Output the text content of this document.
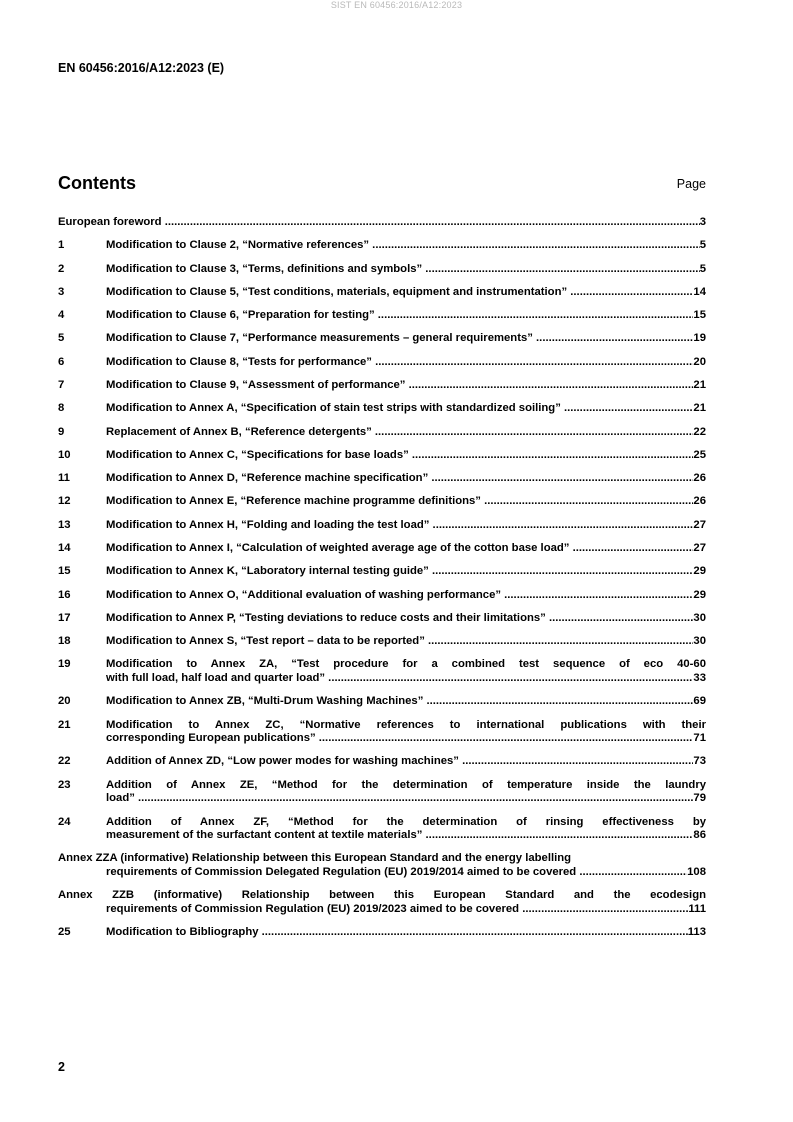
SIST EN 60456:2016/A12:2023
EN 60456:2016/A12:2023 (E)
Contents	Page
European foreword .....	3
1	Modification to Clause 2, “Normative references” .....	5
2	Modification to Clause 3, “Terms, definitions and symbols” .....	5
3	Modification to Clause 5, “Test conditions, materials, equipment and instrumentation” .....	14
4	Modification to Clause 6, “Preparation for testing” .....	15
5	Modification to Clause 7, “Performance measurements – general requirements” .....	19
6	Modification to Clause 8, “Tests for performance” .....	20
7	Modification to Clause 9, “Assessment of performance” .....	21
8	Modification to Annex A, “Specification of stain test strips with standardized soiling” .....	21
9	Replacement of Annex B, “Reference detergents” .....	22
10	Modification to Annex C, “Specifications for base loads” .....	25
11	Modification to Annex D, “Reference machine specification” .....	26
12	Modification to Annex E, “Reference machine programme definitions” .....	26
13	Modification to Annex H, “Folding and loading the test load” .....	27
14	Modification to Annex I, “Calculation of weighted average age of the cotton base load” .....	27
15	Modification to Annex K, “Laboratory internal testing guide” .....	29
16	Modification to Annex O, “Additional evaluation of washing performance” .....	29
17	Modification to Annex P, “Testing deviations to reduce costs and their limitations” .....	30
18	Modification to Annex S, “Test report – data to be reported” .....	30
19	Modification to Annex ZA, “Test procedure for a combined test sequence of eco 40-60
with full load, half load and quarter load” .....	33
20	Modification to Annex ZB, “Multi-Drum Washing Machines” .....	69
21	Modification to Annex ZC, “Normative references to international publications with their
corresponding European publications” .....	71
22	Addition of Annex ZD, “Low power modes for washing machines” .....	73
23	Addition of Annex ZE, “Method for the determination of temperature inside the laundry
load” .....	79
24	Addition of Annex ZF, “Method for the determination of rinsing effectiveness by
measurement of the surfactant content at textile materials” .....	86
Annex ZZA (informative) Relationship between this European Standard and the energy labelling
requirements of Commission Delegated Regulation (EU) 2019/2014 aimed to be covered .....	108
Annex ZZB (informative) Relationship between this European Standard and the ecodesign
requirements of Commission Regulation (EU) 2019/2023 aimed to be covered .....	111
25	Modification to Bibliography .....	113
2
